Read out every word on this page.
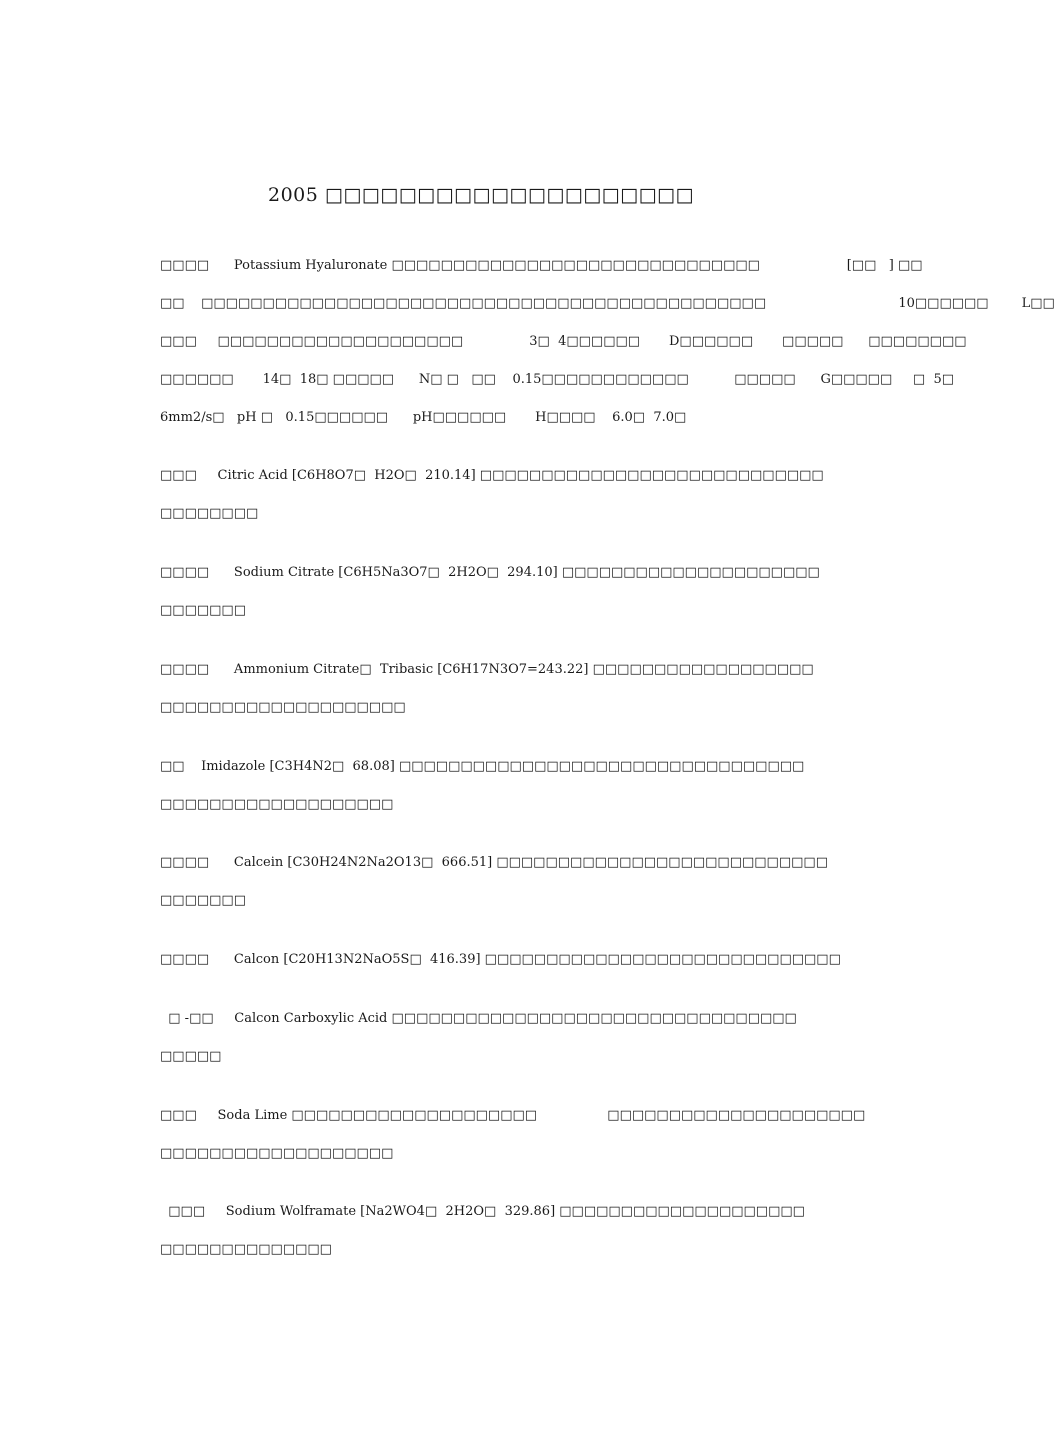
2005 □□□□□□□□□□□□□□□□□□□□
□□□□      Potassium Hyaluronate □□□□□□□□□□□□□□□□□□□□□□□□□□□□□□                     [□□   ] □□
□□    □□□□□□□□□□□□□□□□□□□□□□□□□□□□□□□□□□□□□□□□□□□□□□                                10□□□□□□        L□□
□□□     □□□□□□□□□□□□□□□□□□□□                3□  4□□□□□□       D□□□□□□       □□□□□      □□□□□□□□
□□□□□□       14□  18□ □□□□□      N□ □   □□    0.15□□□□□□□□□□□□           □□□□□      G□□□□□     □  5□
6mm2/s□   pH □   0.15□□□□□□      pH□□□□□□       H□□□□    6.0□  7.0□
□□□     Citric Acid [C6H8O7□  H2O□  210.14] □□□□□□□□□□□□□□□□□□□□□□□□□□□□
□□□□□□□□
□□□□      Sodium Citrate [C6H5Na3O7□  2H2O□  294.10] □□□□□□□□□□□□□□□□□□□□□
□□□□□□□
□□□□      Ammonium Citrate□  Tribasic [C6H17N3O7=243.22] □□□□□□□□□□□□□□□□□□
□□□□□□□□□□□□□□□□□□□□
□□    Imidazole [C3H4N2□  68.08] □□□□□□□□□□□□□□□□□□□□□□□□□□□□□□□□□
□□□□□□□□□□□□□□□□□□□
□□□□      Calcein [C30H24N2Na2O13□  666.51] □□□□□□□□□□□□□□□□□□□□□□□□□□□
□□□□□□□
□□□□      Calcon [C20H13N2NaO5S□  416.39] □□□□□□□□□□□□□□□□□□□□□□□□□□□□□
□ -□□     Calcon Carboxylic Acid □□□□□□□□□□□□□□□□□□□□□□□□□□□□□□□□□
□□□□□
□□□     Soda Lime □□□□□□□□□□□□□□□□□□□□                 □□□□□□□□□□□□□□□□□□□□□
□□□□□□□□□□□□□□□□□□□
□□□     Sodium Wolframate [Na2WO4□  2H2O□  329.86] □□□□□□□□□□□□□□□□□□□□
□□□□□□□□□□□□□□
